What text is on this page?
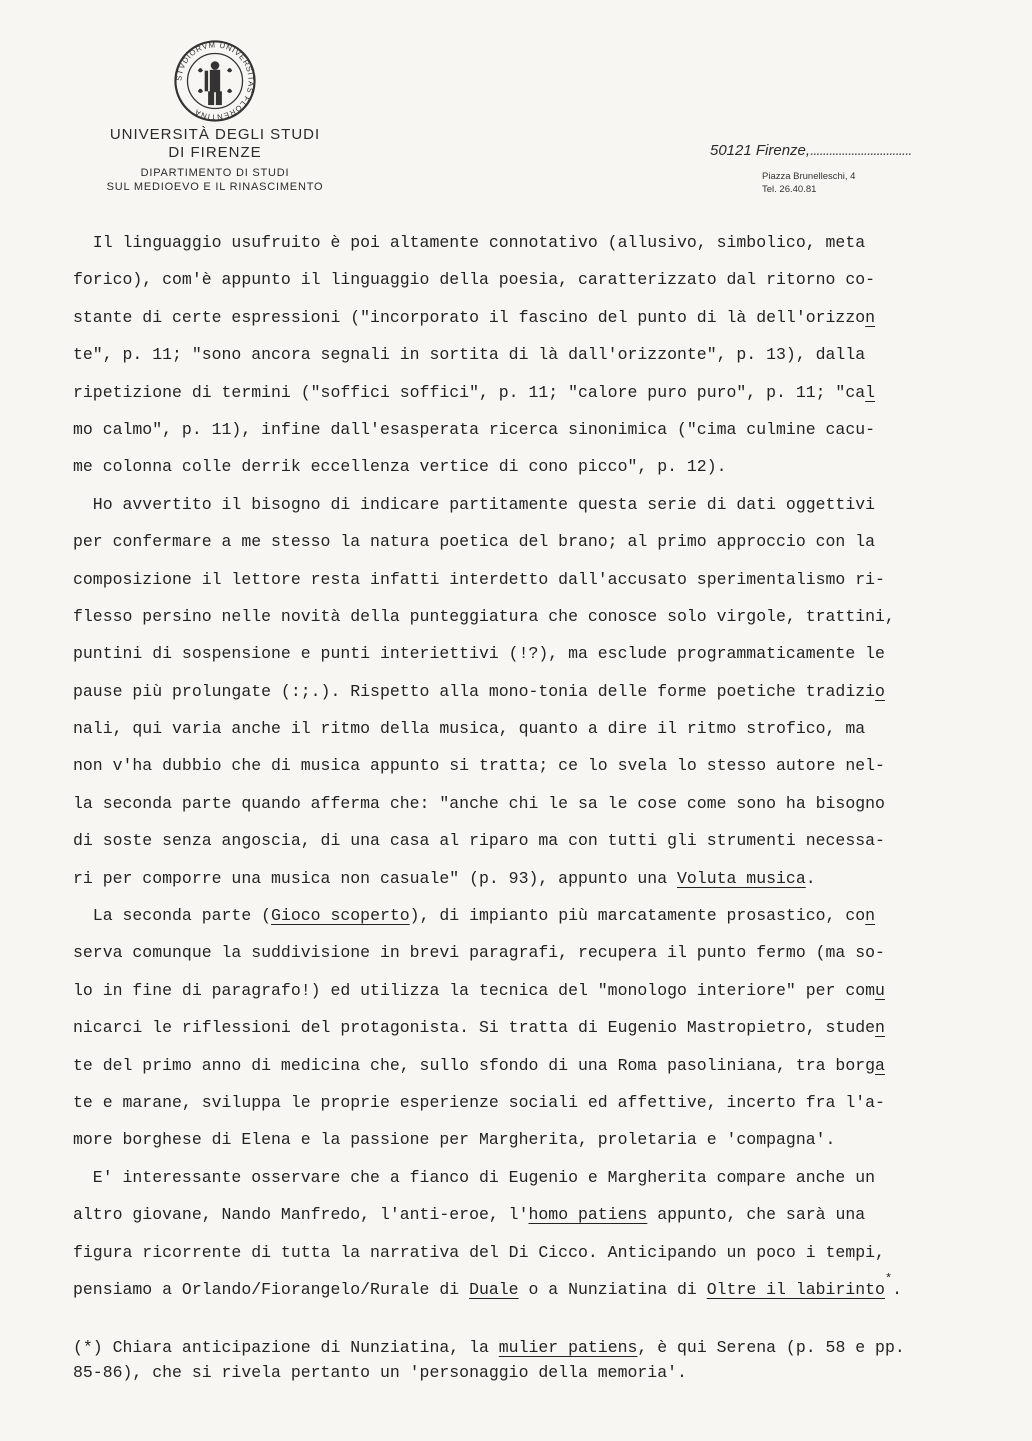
STVDIORVM UNIVERSITAS FLORENTINA
UNIVERSITÀ DEGLI STUDI
DI FIRENZE
DIPARTIMENTO DI STUDI
SUL MEDIOEVO E IL RINASCIMENTO
50121 Firenze,................................
Piazza Brunelleschi, 4
Tel. 26.40.81
Il linguaggio usufruito è poi altamente connotativo (allusivo, simbolico, meta
forico), com'è appunto il linguaggio della poesia, caratterizzato dal ritorno co-
stante di certe espressioni ("incorporato il fascino del punto di là dell'orizzon
te", p. 11; "sono ancora segnali in sortita di là dall'orizzonte", p. 13), dalla
ripetizione di termini ("soffici soffici", p. 11; "calore puro puro", p. 11; "cal
mo calmo", p. 11), infine dall'esasperata ricerca sinonimica ("cima culmine cacu-
me colonna colle derrik eccellenza vertice di cono picco", p. 12).
Ho avvertito il bisogno di indicare partitamente questa serie di dati oggettivi
per confermare a me stesso la natura poetica del brano; al primo approccio con la
composizione il lettore resta infatti interdetto dall'accusato sperimentalismo ri-
flesso persino nelle novità della punteggiatura che conosce solo virgole, trattini,
puntini di sospensione e punti interiettivi (!?), ma esclude programmaticamente le
pause più prolungate (:;.). Rispetto alla mono-tonia delle forme poetiche tradizio
nali, qui varia anche il ritmo della musica, quanto a dire il ritmo strofico, ma
non v'ha dubbio che di musica appunto si tratta; ce lo svela lo stesso autore nel-
la seconda parte quando afferma che: "anche chi le sa le cose come sono ha bisogno
di soste senza angoscia, di una casa al riparo ma con tutti gli strumenti necessa-
ri per comporre una musica non casuale" (p. 93), appunto una Voluta musica.
La seconda parte (Gioco scoperto), di impianto più marcatamente prosastico, con
serva comunque la suddivisione in brevi paragrafi, recupera il punto fermo (ma so-
lo in fine di paragrafo!) ed utilizza la tecnica del "monologo interiore" per comu
nicarci le riflessioni del protagonista. Si tratta di Eugenio Mastropietro, studen
te del primo anno di medicina che, sullo sfondo di una Roma pasoliniana, tra borga
te e marane, sviluppa le proprie esperienze sociali ed affettive, incerto fra l'a-
more borghese di Elena e la passione per Margherita, proletaria e 'compagna'.
E' interessante osservare che a fianco di Eugenio e Margherita compare anche un
altro giovane, Nando Manfredo, l'anti-eroe, l'homo patiens appunto, che sarà una
figura ricorrente di tutta la narrativa del Di Cicco. Anticipando un poco i tempi,
pensiamo a Orlando/Fiorangelo/Rurale di Duale o a Nunziatina di Oltre il labirinto*.
(*) Chiara anticipazione di Nunziatina, la mulier patiens, è qui Serena (p. 58 e pp.
85-86), che si rivela pertanto un 'personaggio della memoria'.
